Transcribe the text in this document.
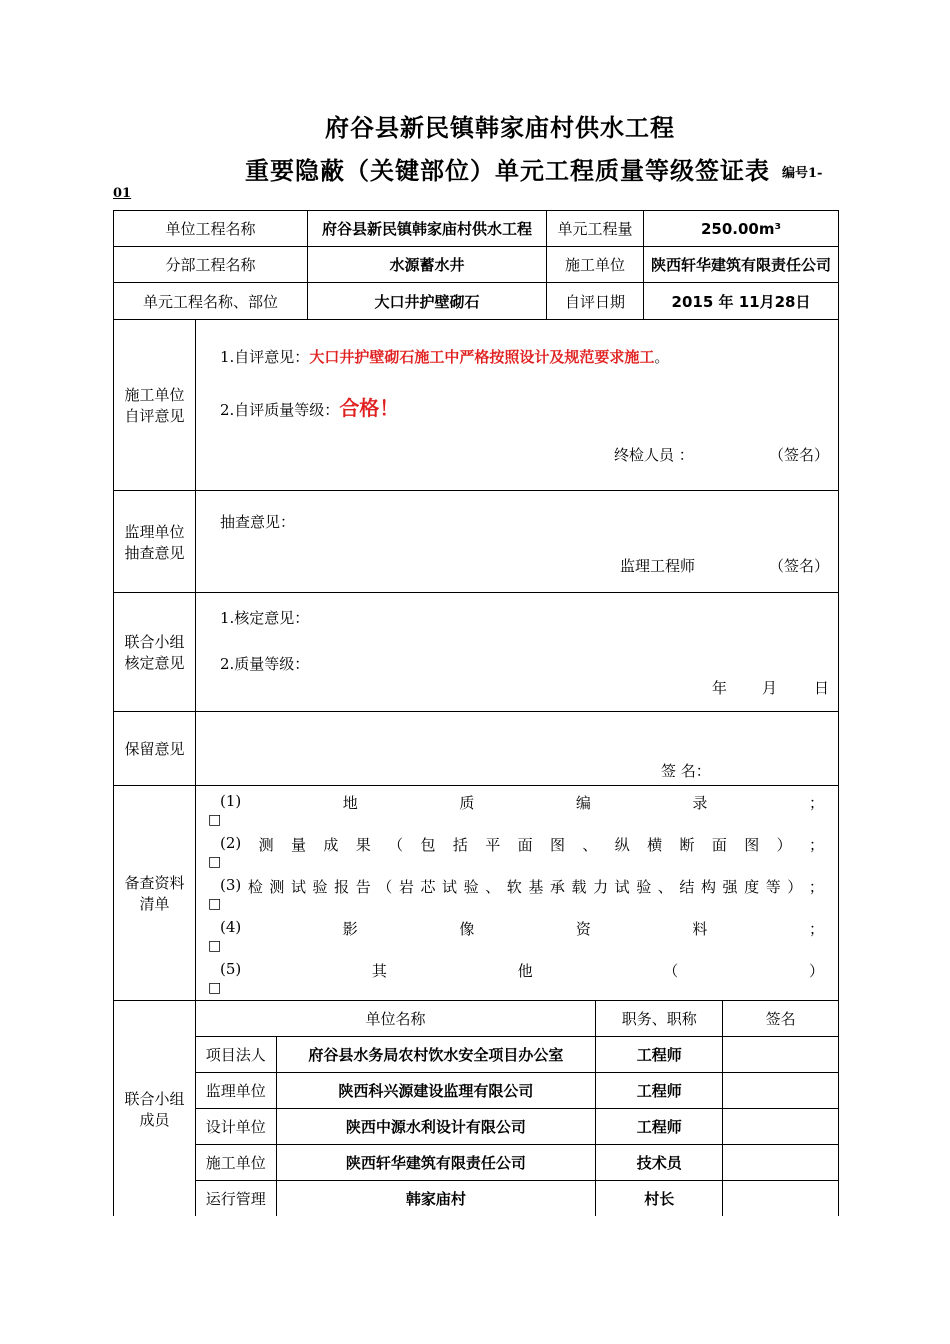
府谷县新民镇韩家庙村供水工程
重要隐蔽（关键部位）单元工程质量等级签证表 编号1-
01
单位工程名称	府谷县新民镇韩家庙村供水工程	单元工程量	250.00m³
分部工程名称	水源蓄水井	施工单位	陕西轩华建筑有限责任公司
单元工程名称、部位	大口井护壁砌石	自评日期	2015 年 11月28日

施工单位
自评意见

1.自评意见：大口井护壁砌石施工中严格按照设计及规范要求施工。
2.自评质量等级：合格！
终检人员 ：	（签名）

监理单位
抽查意见

抽查意见：
监理工程师	（签名）

联合小组
核定意见

1.核定意见：
2.质量等级：
年 月 日

保留意见	
签 名：

备查资料
清单

(1)	地	质	编	录	；
□
(2) 测 量 成 果 （ 包 括 平 面 图 、 纵 横 断 面 图 ） ；
□
(3) 检 测 试 验 报 告 （ 岩 芯 试 验 、 软 基 承 载 力 试 验 、 结 构 强 度 等 ） ；
□
(4)	影	像	资	料	；
□
(5)	其	他	（	）
□

联合小组
成员

单位名称	职务、职称	签名
项目法人	府谷县水务局农村饮水安全项目办公室	工程师	
监理单位	陕西科兴源建设监理有限公司	工程师	
设计单位	陕西中源水利设计有限公司	工程师	
施工单位	陕西轩华建筑有限责任公司	技术员	
运行管理	韩家庙村	村长	
